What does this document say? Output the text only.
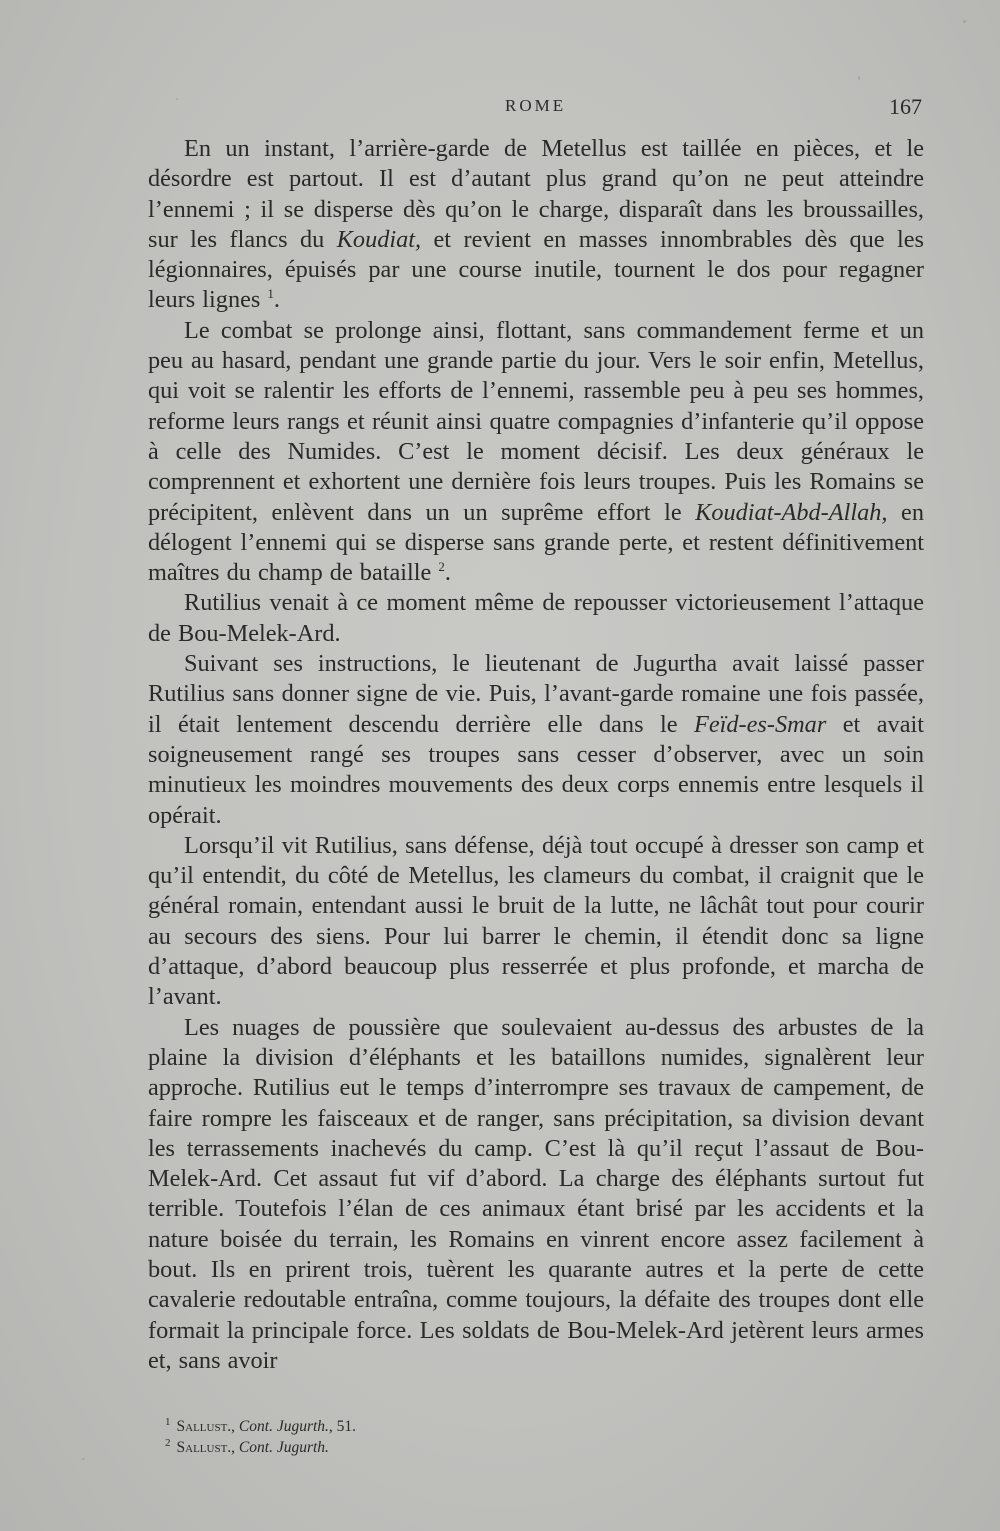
ROME	167

En un instant, l’arrière-garde de Metellus est taillée en pièces, et le désordre est partout. Il est d’autant plus grand qu’on ne peut atteindre l’ennemi ; il se disperse dès qu’on le charge, disparaît dans les broussailles, sur les flancs du Koudiat, et revient en masses innombrables dès que les légionnaires, épuisés par une course inutile, tournent le dos pour regagner leurs lignes $^1$.

Le combat se prolonge ainsi, flottant, sans commandement ferme et un peu au hasard, pendant une grande partie du jour. Vers le soir enfin, Metellus, qui voit se ralentir les efforts de l’ennemi, rassemble peu à peu ses hommes, reforme leurs rangs et réunit ainsi quatre compagnies d’infanterie qu’il oppose à celle des Numides. C’est le moment décisif. Les deux généraux le comprennent et exhortent une dernière fois leurs troupes. Puis les Romains se précipitent, enlèvent dans un un suprême effort le Koudiat-Abd-Allah, en délogent l’ennemi qui se disperse sans grande perte, et restent définitivement maîtres du champ de bataille $^2$.

Rutilius venait à ce moment même de repousser victorieusement l’attaque de Bou-Melek-Ard.

Suivant ses instructions, le lieutenant de Jugurtha avait laissé passer Rutilius sans donner signe de vie. Puis, l’avant-garde romaine une fois passée, il était lentement descendu derrière elle dans le Feïd-es-Smar et avait soigneusement rangé ses troupes sans cesser d’observer, avec un soin minutieux les moindres mouvements des deux corps ennemis entre lesquels il opérait.

Lorsqu’il vit Rutilius, sans défense, déjà tout occupé à dresser son camp et qu’il entendit, du côté de Metellus, les clameurs du combat, il craignit que le général romain, entendant aussi le bruit de la lutte, ne lâchât tout pour courir au secours des siens. Pour lui barrer le chemin, il étendit donc sa ligne d’attaque, d’abord beaucoup plus resserrée et plus profonde, et marcha de l’avant.

Les nuages de poussière que soulevaient au-dessus des arbustes de la plaine la division d’éléphants et les bataillons numides, signalèrent leur approche. Rutilius eut le temps d’interrompre ses travaux de campement, de faire rompre les faisceaux et de ranger, sans précipitation, sa division devant les terrassements inachevés du camp. C’est là qu’il reçut l’assaut de Bou-Melek-Ard. Cet assaut fut vif d’abord. La charge des éléphants surtout fut terrible. Toutefois l’élan de ces animaux étant brisé par les accidents et la nature boisée du terrain, les Romains en vinrent encore assez facilement à bout. Ils en prirent trois, tuèrent les quarante autres et la perte de cette cavalerie redoutable entraîna, comme toujours, la défaite des troupes dont elle formait la principale force. Les soldats de Bou-Melek-Ard jetèrent leurs armes et, sans avoir

$^1$ Sallust., Cont. Jugurth., 51.
$^2$ Sallust., Cont. Jugurth.
